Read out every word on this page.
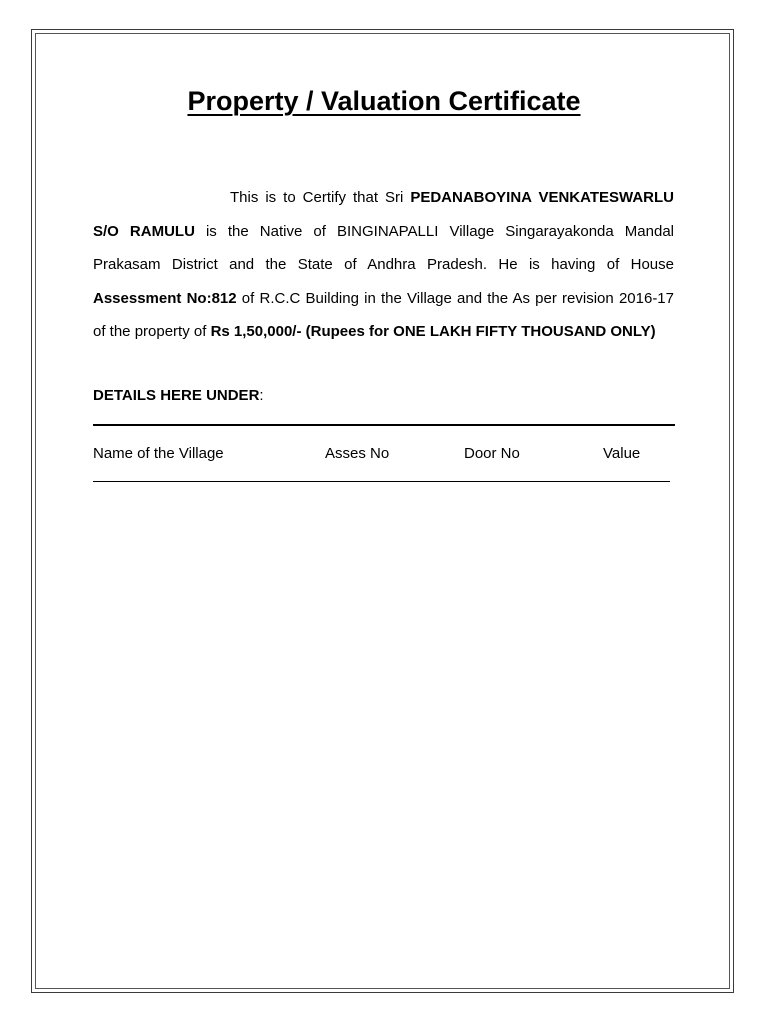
Property / Valuation Certificate

This is to Certify that Sri PEDANABOYINA VENKATESWARLU S/O RAMULU is the Native of BINGINAPALLI Village Singarayakonda Mandal Prakasam District and the State of Andhra Pradesh. He is having of House Assessment No:812 of R.C.C Building in the Village and the As per revision 2016-17 of the property of Rs 1,50,000/- (Rupees for ONE LAKH FIFTY THOUSAND ONLY)

DETAILS HERE UNDER:

Name of the Village	Asses No	Door No	Value
